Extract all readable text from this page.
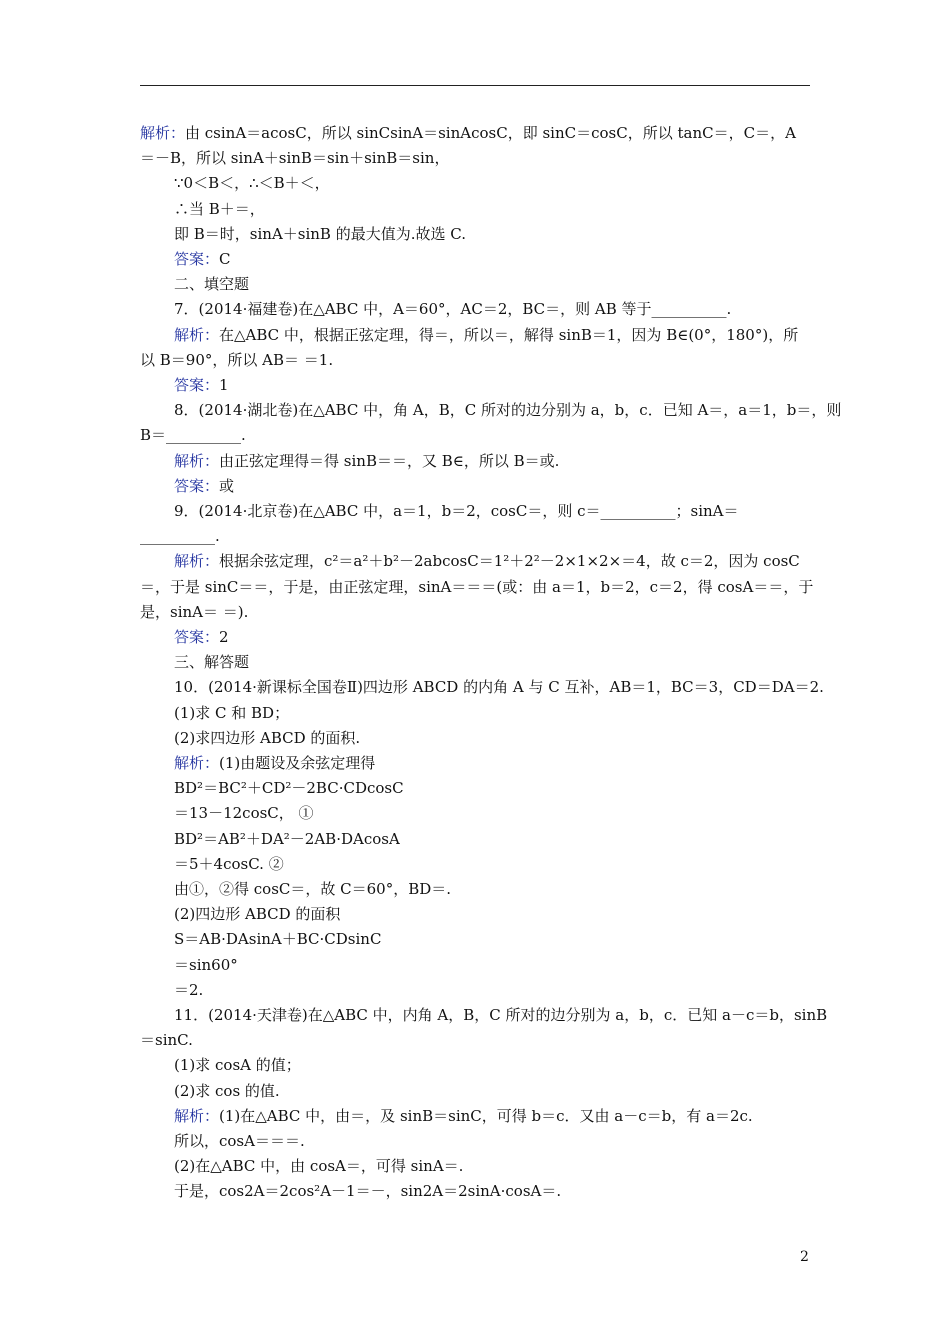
解析：由 csinA＝acosC，所以 sinCsinA＝sinAcosC，即 sinC＝cosC，所以 tanC＝，C＝，A
＝－B，所以 sinA＋sinB＝sin＋sinB＝sin，
∵0＜B＜，∴＜B＋＜，
∴当 B＋＝，
即 B＝时，sinA＋sinB 的最大值为.故选 C.
答案：C
二、填空题
7．(2014·福建卷)在△ABC 中，A＝60°，AC＝2，BC＝，则 AB 等于__________.
解析：在△ABC 中，根据正弦定理，得＝，所以＝，解得 sinB＝1，因为 B∈(0°，180°)，所
以 B＝90°，所以 AB＝ ＝1.
答案：1
8．(2014·湖北卷)在△ABC 中，角 A，B，C 所对的边分别为 a，b，c．已知 A＝，a＝1，b＝，则
B＝__________.
解析：由正弦定理得＝得 sinB＝＝，又 B∈，所以 B＝或.
答案：或
9．(2014·北京卷)在△ABC 中，a＝1，b＝2，cosC＝，则 c＝__________；sinA＝
__________.
解析：根据余弦定理，c²＝a²＋b²－2abcosC＝1²＋2²－2×1×2×＝4，故 c＝2，因为 cosC
＝，于是 sinC＝＝，于是，由正弦定理，sinA＝＝＝(或：由 a＝1，b＝2，c＝2，得 cosA＝＝，于
是，sinA＝ ＝).
答案：2
三、解答题
10．(2014·新课标全国卷Ⅱ)四边形 ABCD 的内角 A 与 C 互补，AB＝1，BC＝3，CD＝DA＝2.
(1)求 C 和 BD；
(2)求四边形 ABCD 的面积.
解析：(1)由题设及余弦定理得
BD²＝BC²＋CD²－2BC·CDcosC
＝13－12cosC， ①
BD²＝AB²＋DA²－2AB·DAcosA
＝5＋4cosC. ②
由①，②得 cosC＝，故 C＝60°，BD＝.
(2)四边形 ABCD 的面积
S＝AB·DAsinA＋BC·CDsinC
＝sin60°
＝2.
11．(2014·天津卷)在△ABC 中，内角 A，B，C 所对的边分别为 a，b，c．已知 a－c＝b，sinB
＝sinC.
(1)求 cosA 的值；
(2)求 cos 的值.
解析：(1)在△ABC 中，由＝，及 sinB＝sinC，可得 b＝c．又由 a－c＝b，有 a＝2c.
所以，cosA＝＝＝.
(2)在△ABC 中，由 cosA＝，可得 sinA＝.
于是，cos2A＝2cos²A－1＝－，sin2A＝2sinA·cosA＝.
2
